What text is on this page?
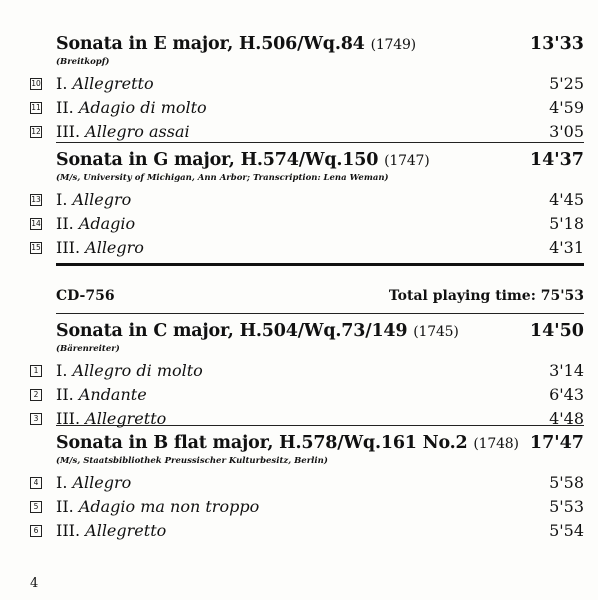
Sonata in E major, H.506/Wq.84 (1749)	13'33
(Breitkopf)
10 I. Allegretto	5'25
11 II. Adagio di molto	4'59
12 III. Allegro assai	3'05
Sonata in G major, H.574/Wq.150 (1747)	14'37
(M/s, University of Michigan, Ann Arbor; Transcription: Lena Weman)
13 I. Allegro	4'45
14 II. Adagio	5'18
15 III. Allegro	4'31
CD-756	Total playing time: 75'53
Sonata in C major, H.504/Wq.73/149 (1745)	14'50
(Bärenreiter)
1 I. Allegro di molto	3'14
2 II. Andante	6'43
3 III. Allegretto	4'48
Sonata in B flat major, H.578/Wq.161 No.2 (1748) 17'47
(M/s, Staatsbibliothek Preussischer Kulturbesitz, Berlin)
4 I. Allegro	5'58
5 II. Adagio ma non troppo	5'53
6 III. Allegretto	5'54
4
